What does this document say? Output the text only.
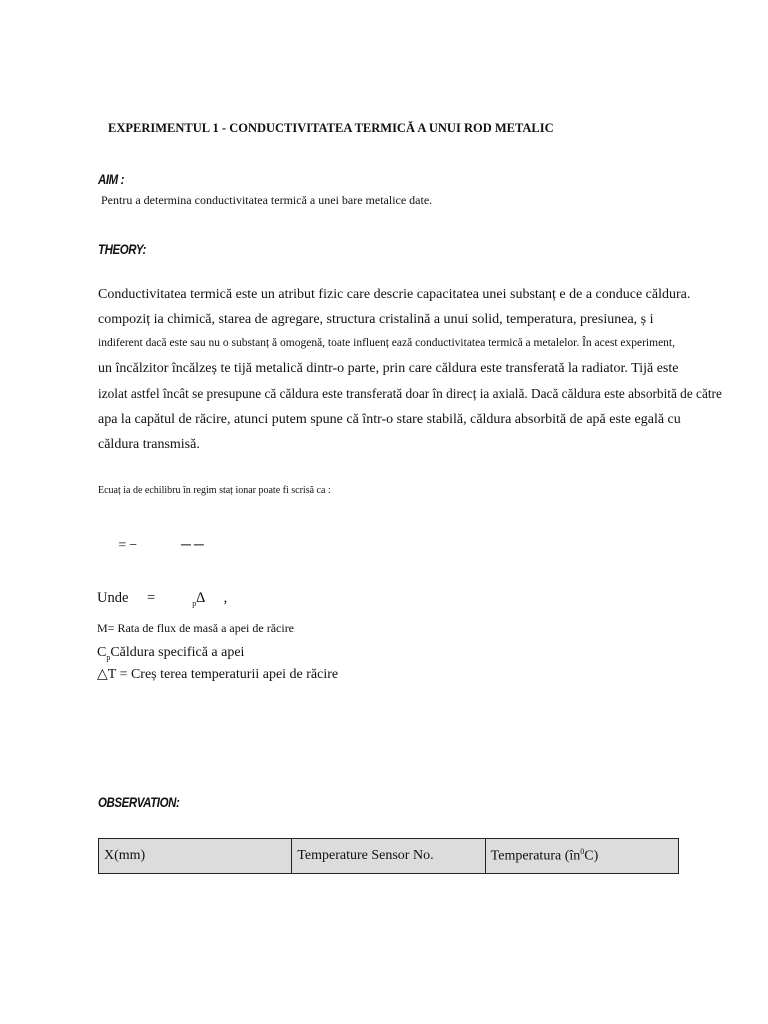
EXPERIMENTUL 1 - CONDUCTIVITATEA TERMICĂ A UNUI ROD METALIC
AIM :
Pentru a determina conductivitatea termică a unei bare metalice date.
THEORY:
Conductivitatea termică este un atribut fizic care descrie capacitatea unei substanț e de a conduce căldura.
compoziț ia chimică, starea de agregare, structura cristalină a unui solid, temperatura, presiunea, ș i
indiferent dacă este sau nu o substanț ă omogenă, toate influenț ează conductivitatea termică a metalelor. În acest experiment,
un încălzitor încălzeș te tijă metalică dintr-o parte, prin care căldura este transferată la radiator. Tijă este
izolat astfel încât se presupune că căldura este transferată doar în direcț ia axială. Dacă căldura este absorbită de către
apa la capătul de răcire, atunci putem spune că într-o stare stabilă, căldura absorbită de apă este egală cu
căldura transmisă.
Ecuaț ia de echilibru în regim staț ionar poate fi scrisă ca :
􏰀 =− 􏰁􏰂 ──
Unde􏰀 = 􏰃􏰄 $_p$∆ 􏰅 ,
M= Rata de flux de masă a apei de răcire
$C_pCăldura$ specifică a apei
△T = Creș terea temperaturii apei de răcire
OBSERVATION:
X(mm)	Temperature Sensor No.	Temperatura $(în^0C)$
